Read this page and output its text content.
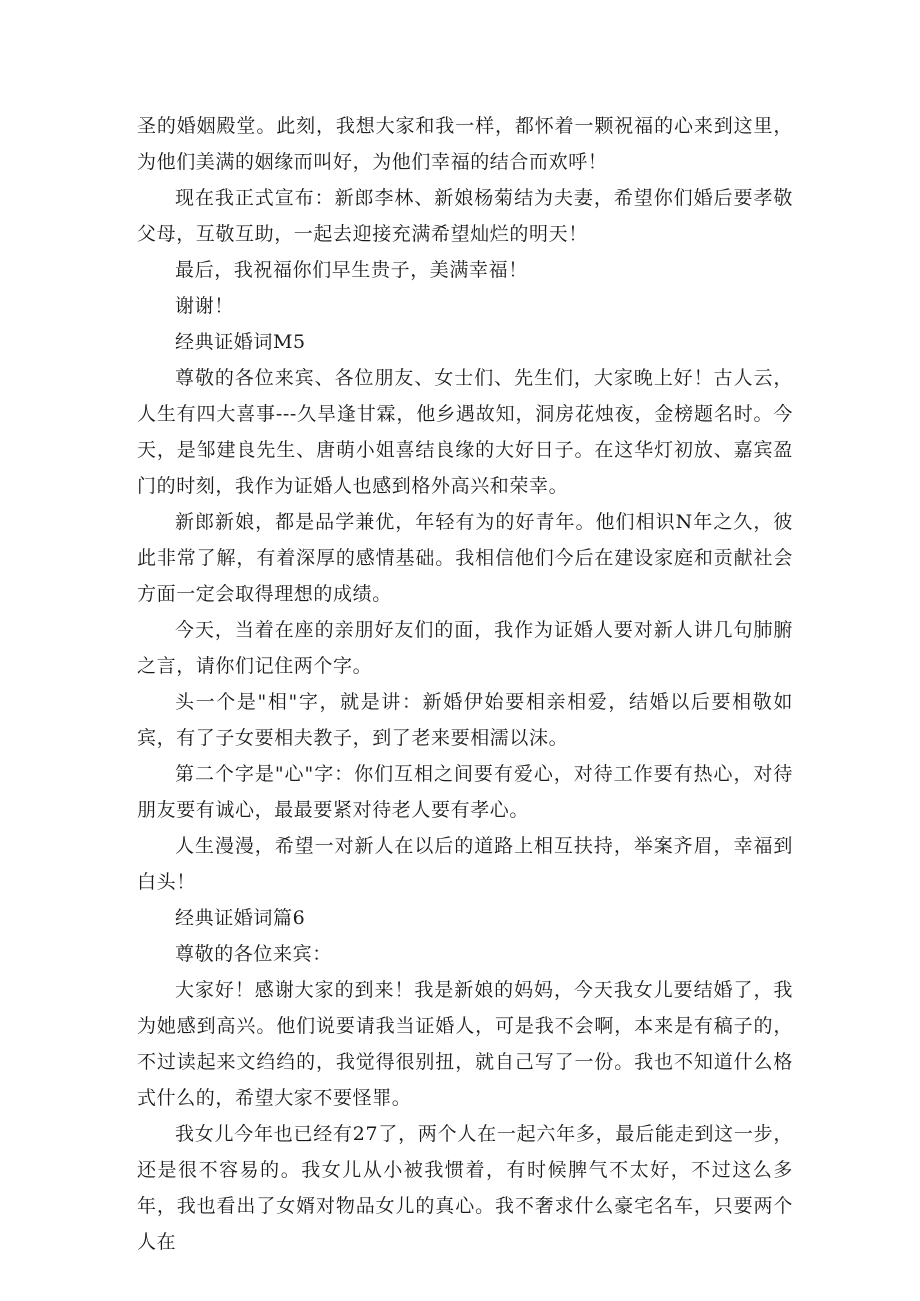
圣的婚姻殿堂。此刻，我想大家和我一样，都怀着一颗祝福的心来到这里，为他们美满的姻缘而叫好，为他们幸福的结合而欢呼！

现在我正式宣布：新郎李林、新娘杨菊结为夫妻，希望你们婚后要孝敬父母，互敬互助，一起去迎接充满希望灿烂的明天！

最后，我祝福你们早生贵子，美满幸福！

谢谢！

经典证婚词M5

尊敬的各位来宾、各位朋友、女士们、先生们，大家晚上好！古人云，人生有四大喜事---久旱逢甘霖，他乡遇故知，洞房花烛夜，金榜题名时。今天，是邹建良先生、唐萌小姐喜结良缘的大好日子。在这华灯初放、嘉宾盈门的时刻，我作为证婚人也感到格外高兴和荣幸。

新郎新娘，都是品学兼优，年轻有为的好青年。他们相识N年之久，彼此非常了解，有着深厚的感情基础。我相信他们今后在建设家庭和贡献社会方面一定会取得理想的成绩。

今天，当着在座的亲朋好友们的面，我作为证婚人要对新人讲几句肺腑之言，请你们记住两个字。

头一个是"相"字，就是讲：新婚伊始要相亲相爱，结婚以后要相敬如宾，有了子女要相夫教子，到了老来要相濡以沫。

第二个字是"心"字：你们互相之间要有爱心，对待工作要有热心，对待朋友要有诚心，最最要紧对待老人要有孝心。

人生漫漫，希望一对新人在以后的道路上相互扶持，举案齐眉，幸福到白头！

经典证婚词篇6

尊敬的各位来宾：

大家好！感谢大家的到来！我是新娘的妈妈，今天我女儿要结婚了，我为她感到高兴。他们说要请我当证婚人，可是我不会啊，本来是有稿子的，不过读起来文绉绉的，我觉得很别扭，就自己写了一份。我也不知道什么格式什么的，希望大家不要怪罪。

我女儿今年也已经有27了，两个人在一起六年多，最后能走到这一步，还是很不容易的。我女儿从小被我惯着，有时候脾气不太好，不过这么多年，我也看出了女婿对物品女儿的真心。我不奢求什么豪宅名车，只要两个人在
